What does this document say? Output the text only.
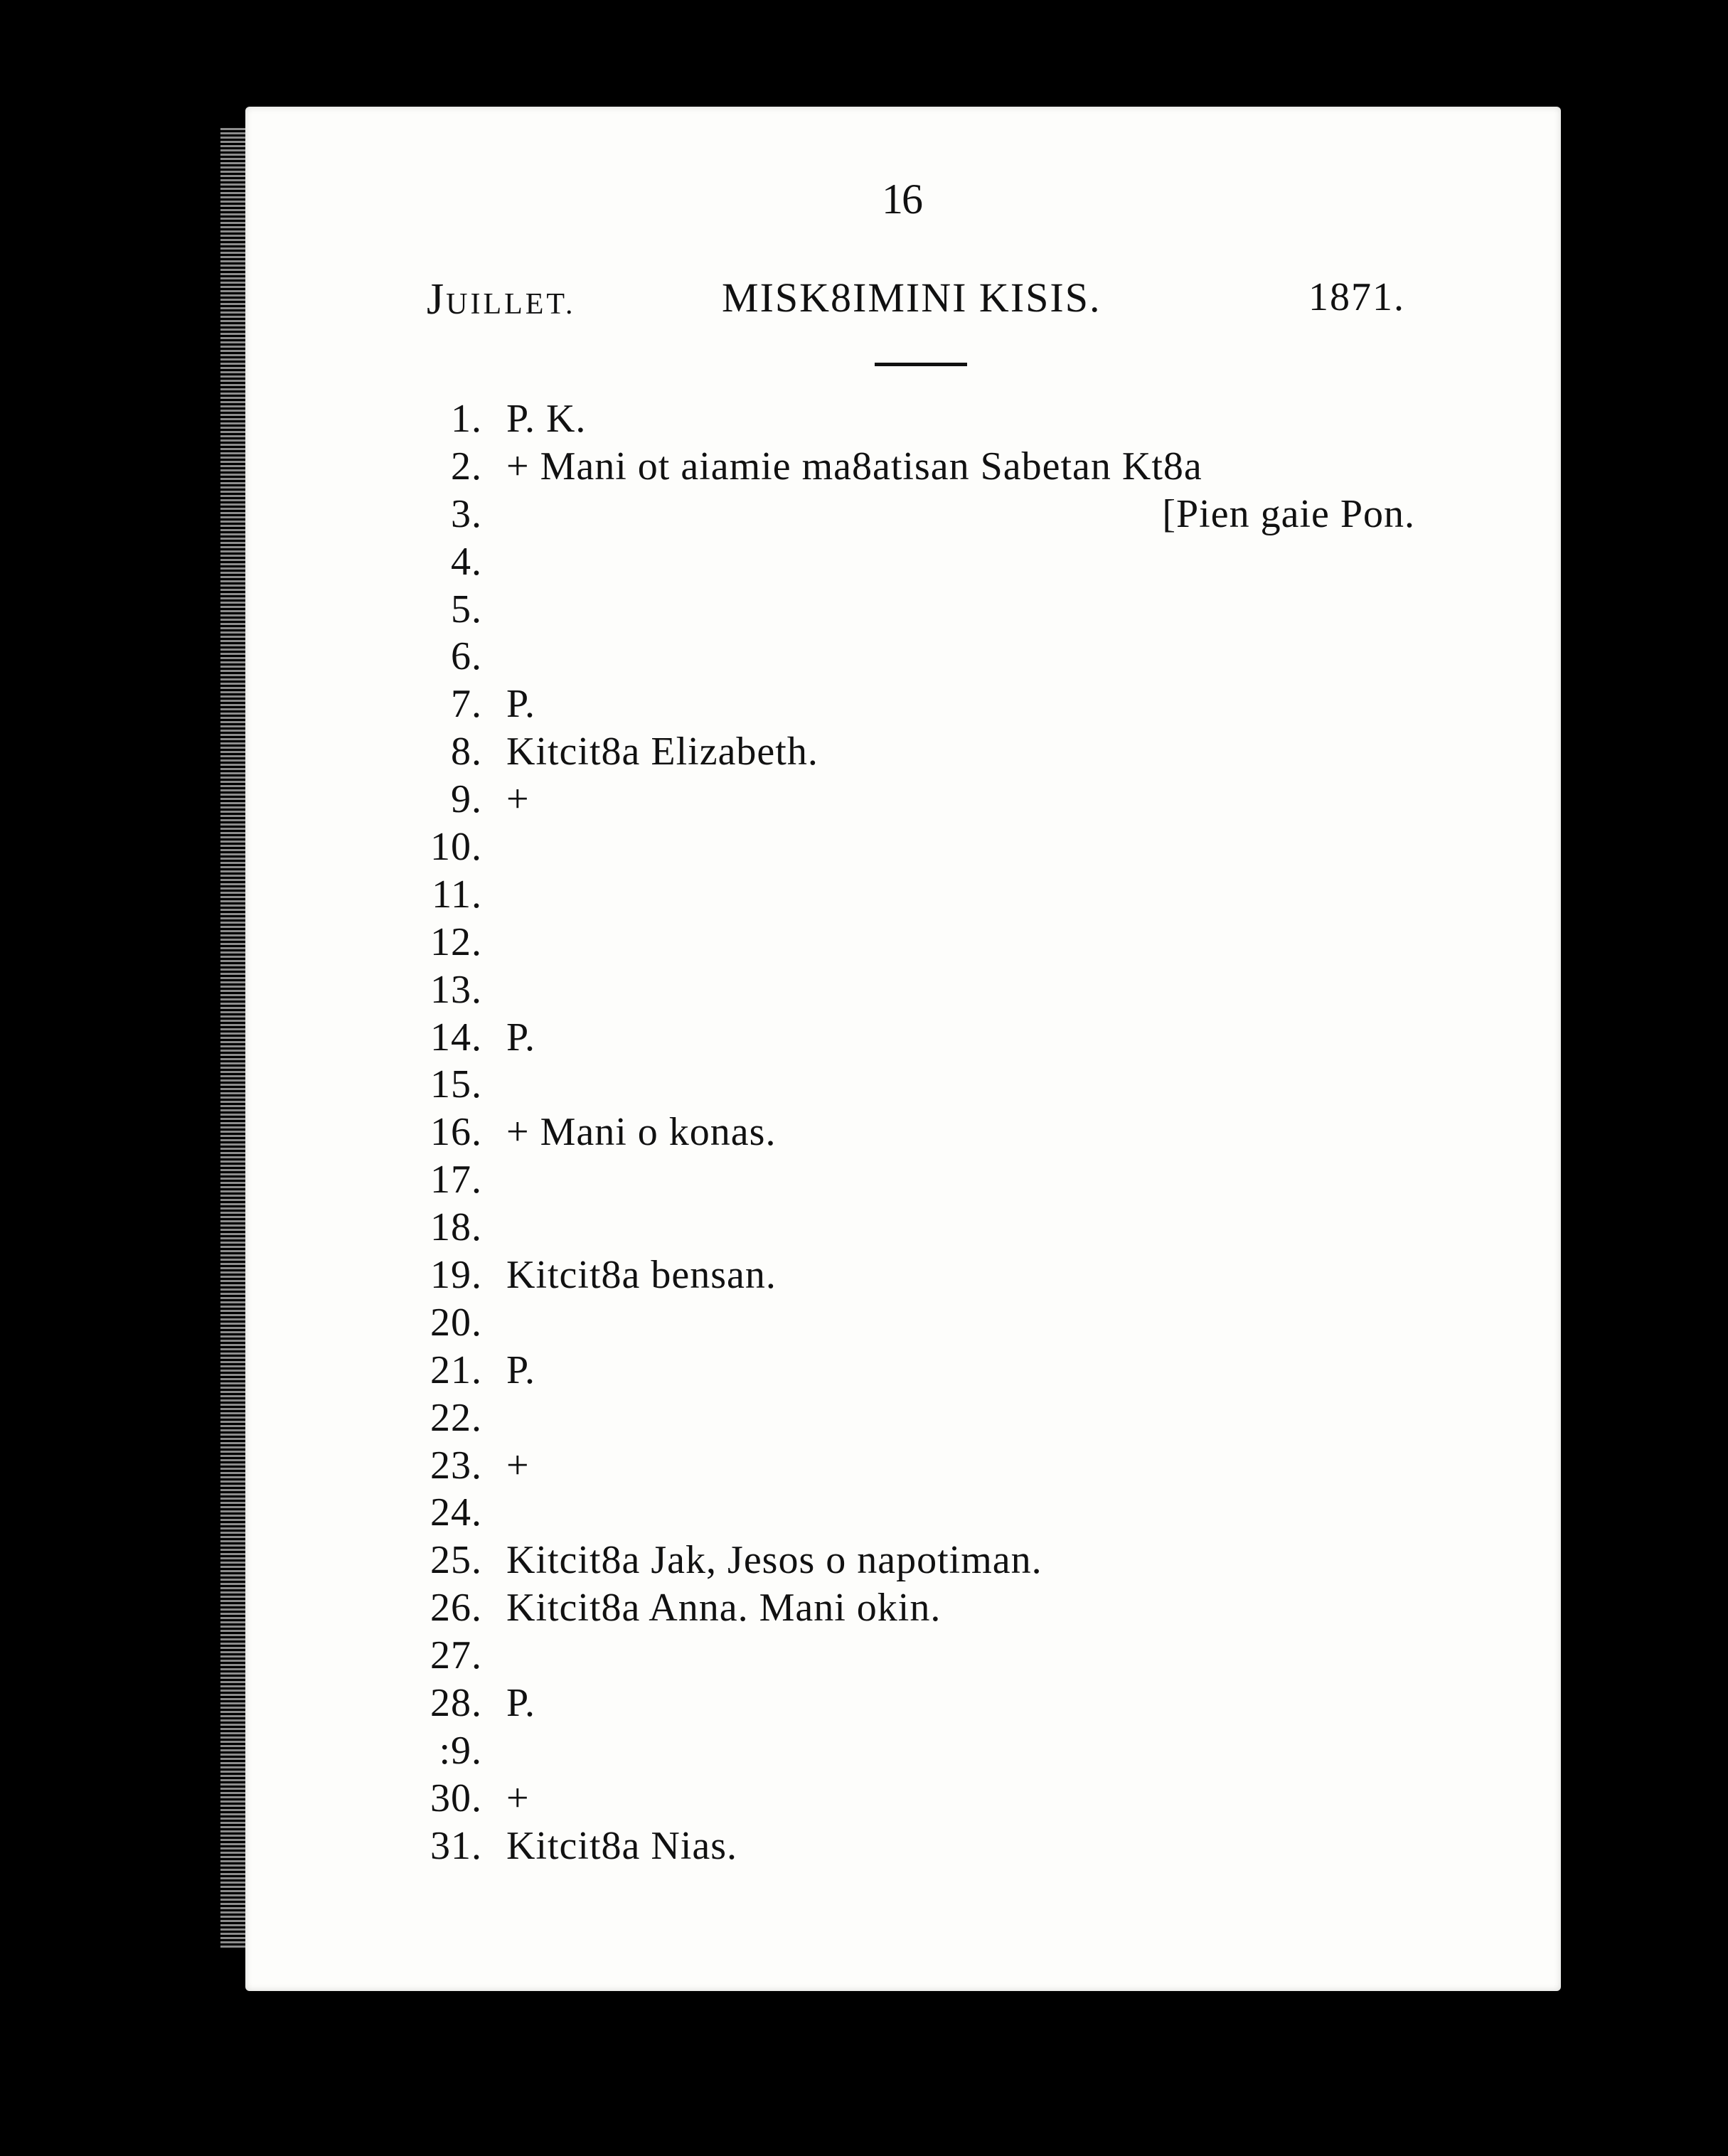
16
JUILLET.	MISK8IMINI KISIS.	1871.
1. P. K.
2. + Mani ot aiamie ma8atisan Sabetan Kt8a
3.	[Pien gaie Pon.
4.
5.
6.
7. P.
8. Kitcit8a Elizabeth.
9. +
10.
11.
12.
13.
14. P.
15.
16. + Mani o konas.
17.
18.
19. Kitcit8a bensan.
20.
21. P.
22.
23. +
24.
25. Kitcit8a Jak, Jesos o napotiman.
26. Kitcit8a Anna. Mani okin.
27.
28. P.
:9.
30. +
31. Kitcit8a Nias.
